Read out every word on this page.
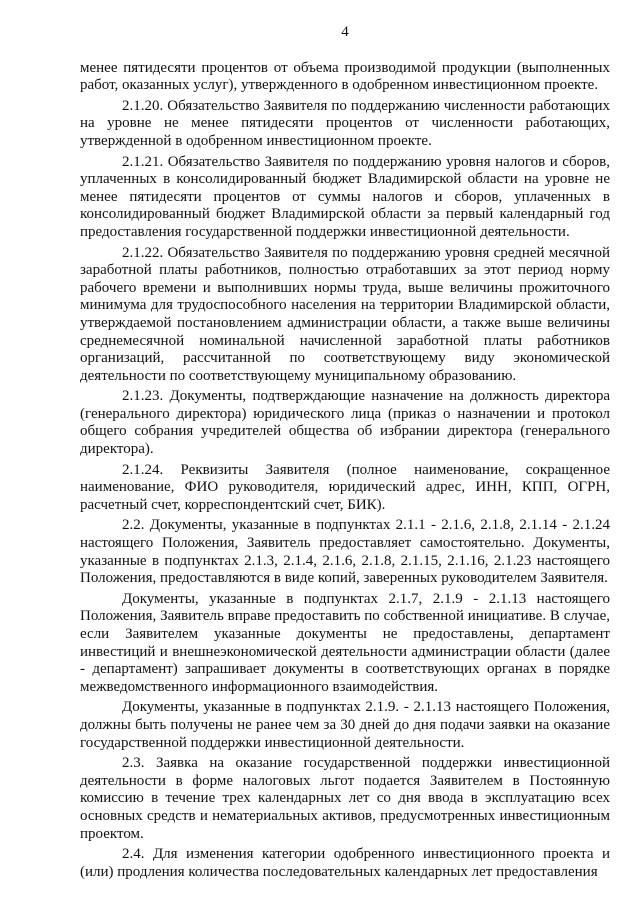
4

менее пятидесяти процентов от объема производимой продукции (выполненных работ, оказанных услуг), утвержденного в одобренном инвестиционном проекте.

2.1.20. Обязательство Заявителя по поддержанию численности работающих на уровне не менее пятидесяти процентов от численности работающих, утвержденной в одобренном инвестиционном проекте.

2.1.21. Обязательство Заявителя по поддержанию уровня налогов и сборов, уплаченных в консолидированный бюджет Владимирской области на уровне не менее пятидесяти процентов от суммы налогов и сборов, уплаченных в консолидированный бюджет Владимирской области за первый календарный год предоставления государственной поддержки инвестиционной деятельности.

2.1.22. Обязательство Заявителя по поддержанию уровня средней месячной заработной платы работников, полностью отработавших за этот период норму рабочего времени и выполнивших нормы труда, выше величины прожиточного минимума для трудоспособного населения на территории Владимирской области, утверждаемой постановлением администрации области, а также выше величины среднемесячной номинальной начисленной заработной платы работников организаций, рассчитанной по соответствующему виду экономической деятельности по соответствующему муниципальному образованию.

2.1.23. Документы, подтверждающие назначение на должность директора (генерального директора) юридического лица (приказ о назначении и протокол общего собрания учредителей общества об избрании директора (генерального директора).

2.1.24. Реквизиты Заявителя (полное наименование, сокращенное наименование, ФИО руководителя, юридический адрес, ИНН, КПП, ОГРН, расчетный счет, корреспондентский счет, БИК).

2.2. Документы, указанные в подпунктах 2.1.1 - 2.1.6, 2.1.8, 2.1.14 - 2.1.24 настоящего Положения, Заявитель предоставляет самостоятельно. Документы, указанные в подпунктах 2.1.3, 2.1.4, 2.1.6, 2.1.8, 2.1.15, 2.1.16, 2.1.23 настоящего Положения, предоставляются в виде копий, заверенных руководителем Заявителя.

Документы, указанные в подпунктах 2.1.7, 2.1.9 - 2.1.13 настоящего Положения, Заявитель вправе предоставить по собственной инициативе. В случае, если Заявителем указанные документы не предоставлены, департамент инвестиций и внешнеэкономической деятельности администрации области (далее - департамент) запрашивает документы в соответствующих органах в порядке межведомственного информационного взаимодействия.

Документы, указанные в подпунктах 2.1.9. - 2.1.13 настоящего Положения, должны быть получены не ранее чем за 30 дней до дня подачи заявки на оказание государственной поддержки инвестиционной деятельности.

2.3. Заявка на оказание государственной поддержки инвестиционной деятельности в форме налоговых льгот подается Заявителем в Постоянную комиссию в течение трех календарных лет со дня ввода в эксплуатацию всех основных средств и нематериальных активов, предусмотренных инвестиционным проектом.

2.4. Для изменения категории одобренного инвестиционного проекта и (или) продления количества последовательных календарных лет предоставления
